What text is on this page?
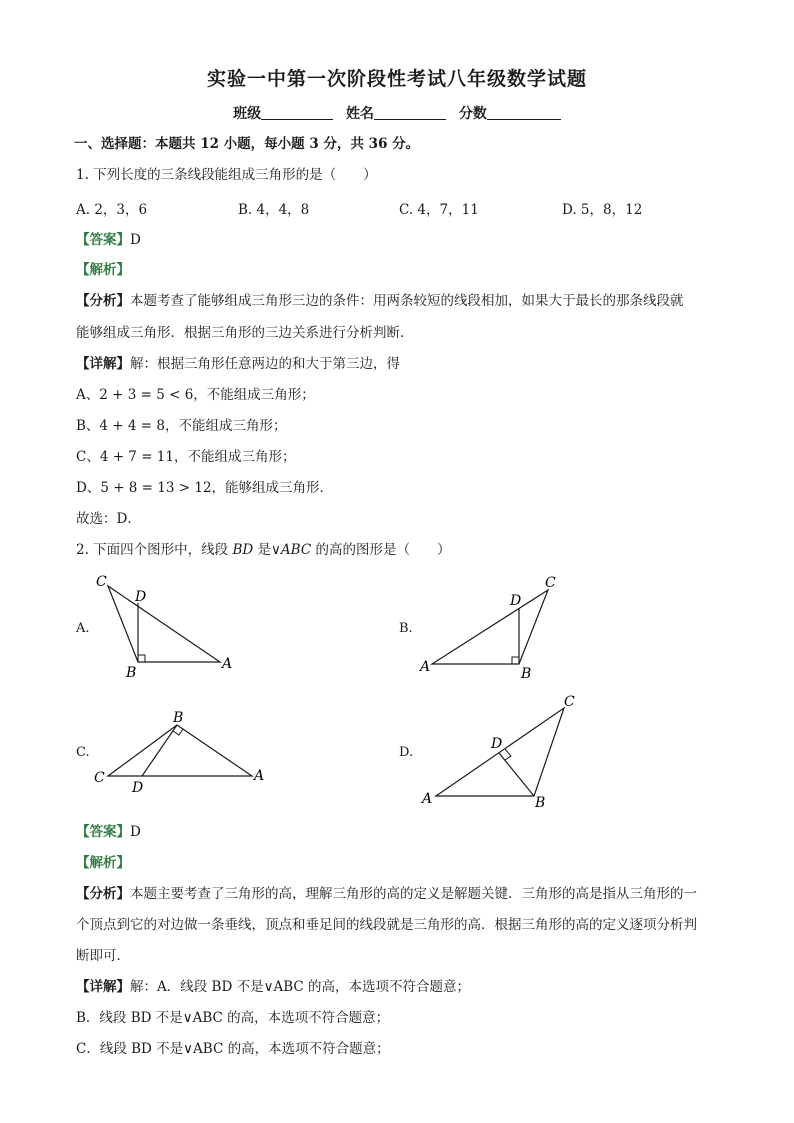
实验一中第一次阶段性考试八年级数学试题
班级	姓名	分数
一、选择题：本题共 12 小题，每小题 3 分，共 36 分。
1. 下列长度的三条线段能组成三角形的是（　　）
A. 2，3，6	B. 4，4，8	C. 4，7，11	D. 5，8，12
【答案】D
【解析】
【分析】本题考查了能够组成三角形三边的条件：用两条较短的线段相加，如果大于最长的那条线段就
能够组成三角形．根据三角形的三边关系进行分析判断．
【详解】解：根据三角形任意两边的和大于第三边，得
A、2 + 3 = 5 < 6，不能组成三角形；
B、4 + 4 = 8，不能组成三角形；
C、4 + 7 = 11，不能组成三角形；
D、5 + 8 = 13 > 12，能够组成三角形．
故选：D．
2. 下面四个图形中，线段 BD 是∨ABC 的高的图形是（　　）
A.
C
D
B
A
B.
C
D
A	B
C.
B
C
D
A
D.
C
D
A	B
【答案】D
【解析】
【分析】本题主要考查了三角形的高，理解三角形的高的定义是解题关键．三角形的高是指从三角形的一
个顶点到它的对边做一条垂线，顶点和垂足间的线段就是三角形的高．根据三角形的高的定义逐项分析判
断即可．
【详解】解：A．线段 BD 不是∨ABC 的高，本选项不符合题意；
B．线段 BD 不是∨ABC 的高，本选项不符合题意；
C．线段 BD 不是∨ABC 的高，本选项不符合题意；
